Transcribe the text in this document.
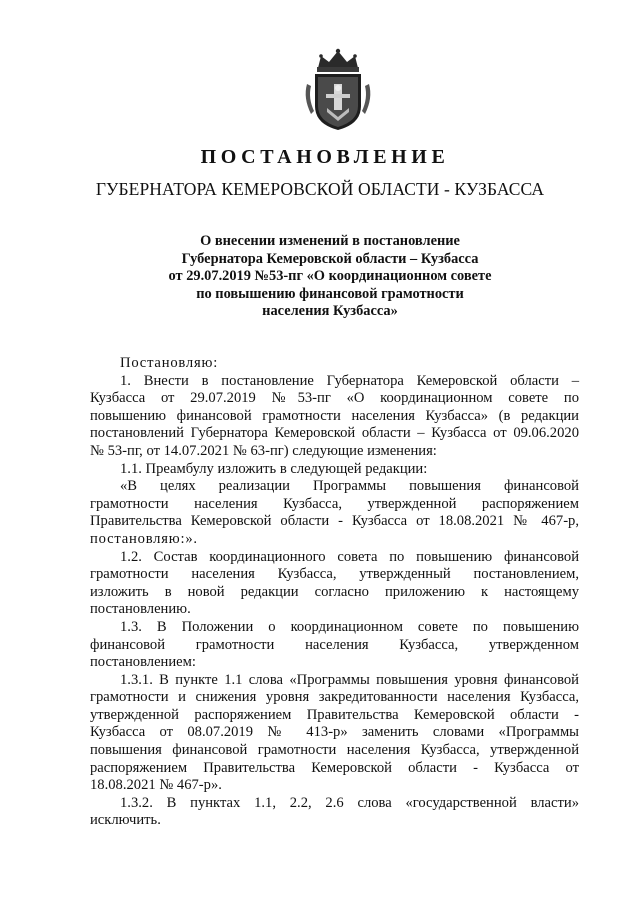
ПОСТАНОВЛЕНИЕ
ГУБЕРНАТОРА КЕМЕРОВСКОЙ ОБЛАСТИ - КУЗБАССА
О внесении изменений в постановление
Губернатора Кемеровской области – Кузбасса
от 29.07.2019 №53-пг «О координационном совете
по повышению финансовой грамотности
населения Кузбасса»
Постановляю:
1. Внести в постановление Губернатора Кемеровской области –
Кузбасса от 29.07.2019 №53-пг «О координационном совете по
повышению финансовой грамотности населения Кузбасса» (в редакции
постановлений Губернатора Кемеровской области – Кузбасса от 09.06.2020
№ 53-пг, от 14.07.2021 № 63-пг) следующие изменения:
1.1. Преамбулу изложить в следующей редакции:
«В целях реализации Программы повышения финансовой
грамотности населения Кузбасса, утвержденной распоряжением
Правительства Кемеровской области - Кузбасса от 18.08.2021 № 467-р,
постановляю:».
1.2. Состав координационного совета по повышению финансовой
грамотности населения Кузбасса, утвержденный постановлением,
изложить в новой редакции согласно приложению к настоящему
постановлению.
1.3. В Положении о координационном совете по повышению
финансовой грамотности населения Кузбасса, утвержденном
постановлением:
1.3.1. В пункте 1.1 слова «Программы повышения уровня финансовой
грамотности и снижения уровня закредитованности населения Кузбасса,
утвержденной распоряжением Правительства Кемеровской области -
Кузбасса от 08.07.2019 № 413-р» заменить словами «Программы
повышения финансовой грамотности населения Кузбасса, утвержденной
распоряжением Правительства Кемеровской области - Кузбасса от
18.08.2021 № 467-р».
1.3.2. В пунктах 1.1, 2.2, 2.6 слова «государственной власти»
исключить.
